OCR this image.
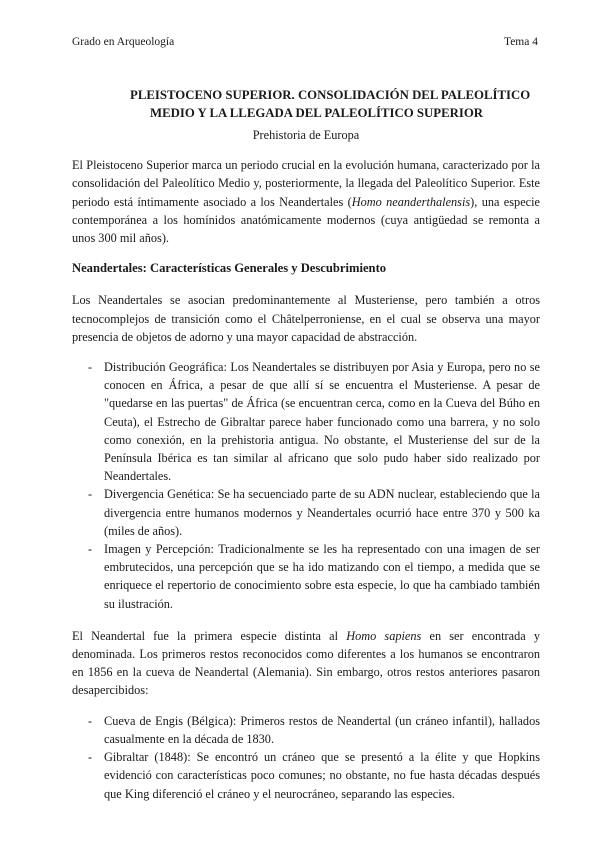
Grado en Arqueología	Tema 4
PLEISTOCENO SUPERIOR. CONSOLIDACIÓN DEL PALEOLÍTICO
MEDIO Y LA LLEGADA DEL PALEOLÍTICO SUPERIOR
Prehistoria de Europa

El Pleistoceno Superior marca un periodo crucial en la evolución humana, caracterizado por la consolidación del Paleolítico Medio y, posteriormente, la llegada del Paleolítico Superior. Este periodo está íntimamente asociado a los Neandertales (Homo neanderthalensis), una especie contemporánea a los homínidos anatómicamente modernos (cuya antigüedad se remonta a unos 300 mil años).

Neandertales: Características Generales y Descubrimiento

Los Neandertales se asocian predominantemente al Musteriense, pero también a otros tecnocomplejos de transición como el Châtelperroniense, en el cual se observa una mayor presencia de objetos de adorno y una mayor capacidad de abstracción.

- Distribución Geográfica: Los Neandertales se distribuyen por Asia y Europa, pero no se conocen en África, a pesar de que allí sí se encuentra el Musteriense. A pesar de "quedarse en las puertas" de África (se encuentran cerca, como en la Cueva del Búho en Ceuta), el Estrecho de Gibraltar parece haber funcionado como una barrera, y no solo como conexión, en la prehistoria antigua. No obstante, el Musteriense del sur de la Península Ibérica es tan similar al africano que solo pudo haber sido realizado por Neandertales.
- Divergencia Genética: Se ha secuenciado parte de su ADN nuclear, estableciendo que la divergencia entre humanos modernos y Neandertales ocurrió hace entre 370 y 500 ka (miles de años).
- Imagen y Percepción: Tradicionalmente se les ha representado con una imagen de ser embrutecidos, una percepción que se ha ido matizando con el tiempo, a medida que se enriquece el repertorio de conocimiento sobre esta especie, lo que ha cambiado también su ilustración.

El Neandertal fue la primera especie distinta al Homo sapiens en ser encontrada y denominada. Los primeros restos reconocidos como diferentes a los humanos se encontraron en 1856 en la cueva de Neandertal (Alemania). Sin embargo, otros restos anteriores pasaron desapercibidos:

- Cueva de Engis (Bélgica): Primeros restos de Neandertal (un cráneo infantil), hallados casualmente en la década de 1830.
- Gibraltar (1848): Se encontró un cráneo que se presentó a la élite y que Hopkins evidenció con características poco comunes; no obstante, no fue hasta décadas después que King diferenció el cráneo y el neurocráneo, separando las especies.
